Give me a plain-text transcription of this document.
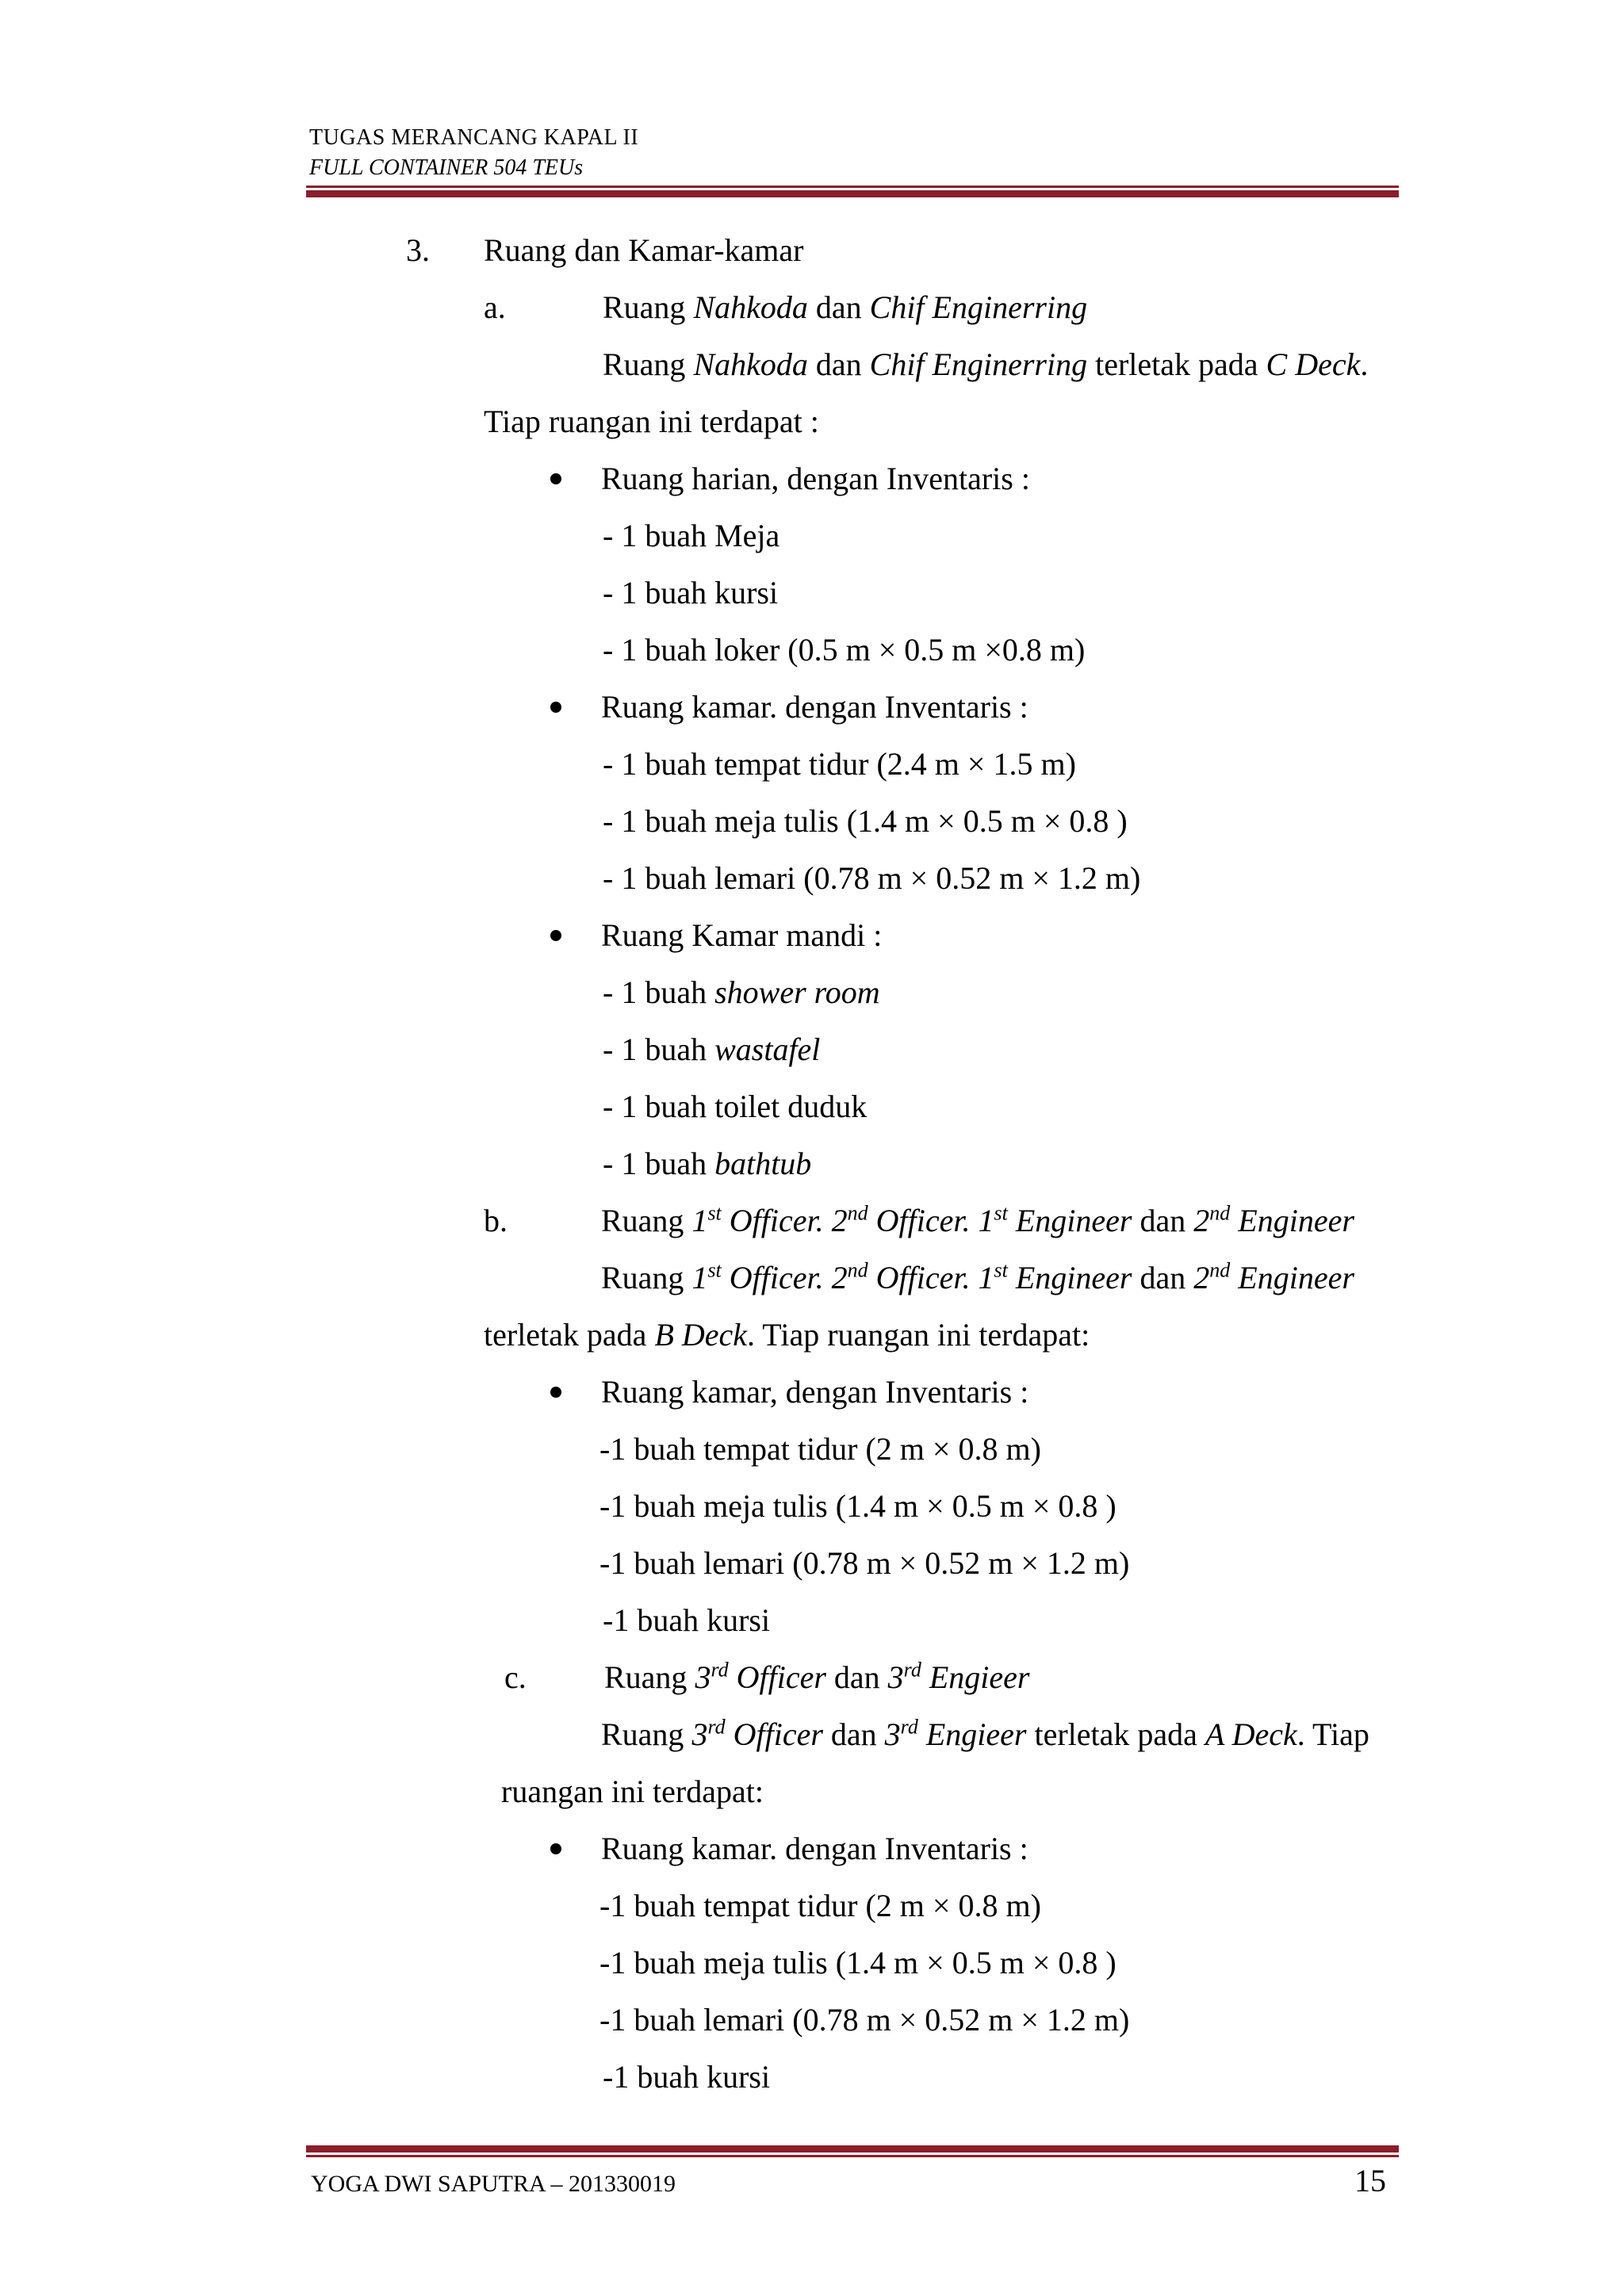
TUGAS MERANCANG KAPAL II
FULL CONTAINER 504 TEUs
3. Ruang dan Kamar-kamar
a.	Ruang Nahkoda dan Chif Enginerring
Ruang Nahkoda dan Chif Enginerring terletak pada C Deck.
Tiap ruangan ini terdapat :
Ruang harian, dengan Inventaris :
- 1 buah Meja
- 1 buah kursi
- 1 buah loker (0.5 m × 0.5 m ×0.8 m)
Ruang kamar. dengan Inventaris :
- 1 buah tempat tidur (2.4 m × 1.5 m)
- 1 buah meja tulis (1.4 m × 0.5 m × 0.8 )
- 1 buah lemari (0.78 m × 0.52 m × 1.2 m)
Ruang Kamar mandi :
- 1 buah shower room
- 1 buah wastafel
- 1 buah toilet duduk
- 1 buah bathtub
b.	Ruang 1st Officer. 2nd Officer. 1st Engineer dan 2nd Engineer
Ruang 1st Officer. 2nd Officer. 1st Engineer dan 2nd Engineer
terletak pada B Deck. Tiap ruangan ini terdapat:
Ruang kamar, dengan Inventaris :
-1 buah tempat tidur (2 m × 0.8 m)
-1 buah meja tulis (1.4 m × 0.5 m × 0.8 )
-1 buah lemari (0.78 m × 0.52 m × 1.2 m)
-1 buah kursi
c. Ruang 3rd Officer dan 3rd Engieer
Ruang 3rd Officer dan 3rd Engieer terletak pada A Deck. Tiap
ruangan ini terdapat:
Ruang kamar. dengan Inventaris :
-1 buah tempat tidur (2 m × 0.8 m)
-1 buah meja tulis (1.4 m × 0.5 m × 0.8 )
-1 buah lemari (0.78 m × 0.52 m × 1.2 m)
-1 buah kursi
YOGA DWI SAPUTRA – 201330019	15
